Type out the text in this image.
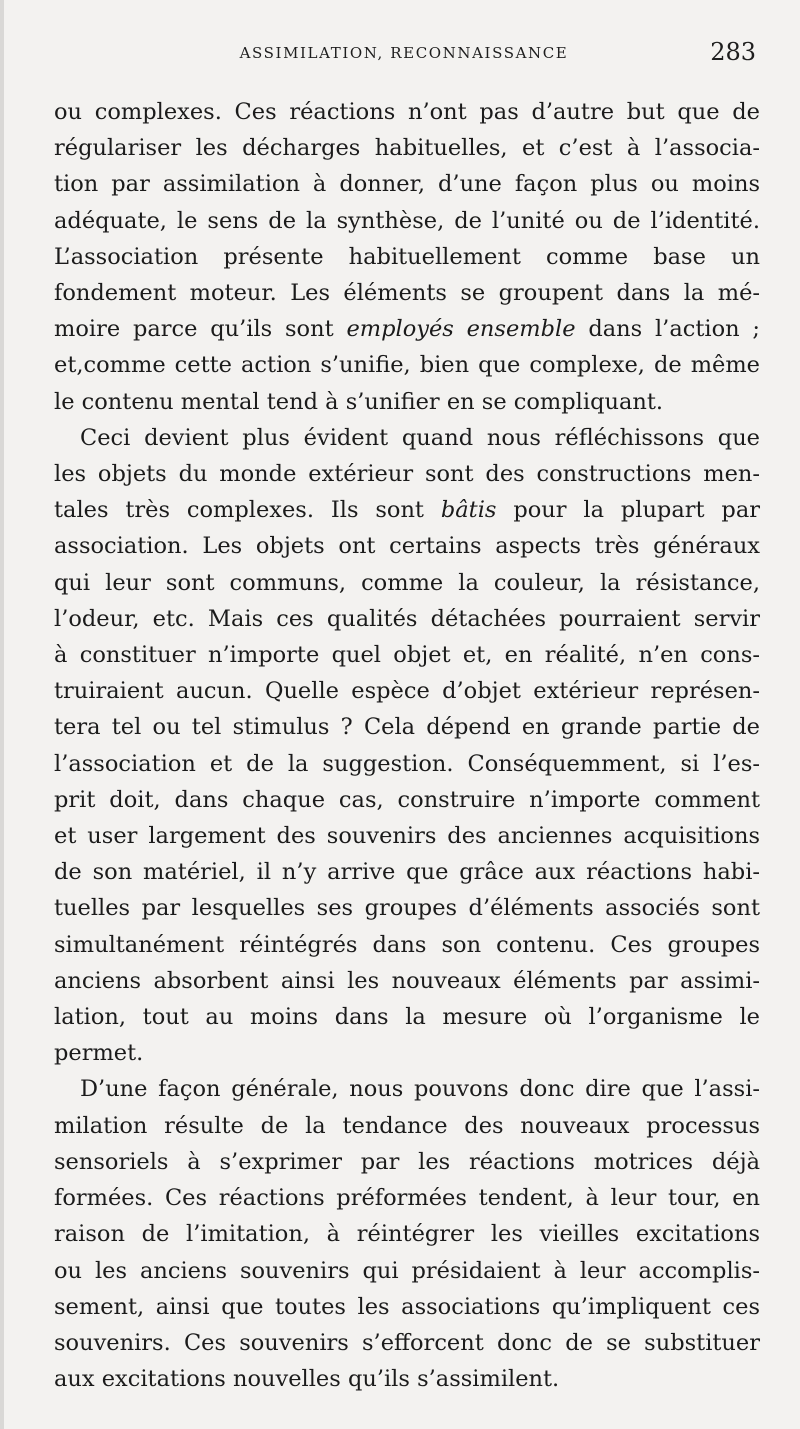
ASSIMILATION, RECONNAISSANCE	283

ou complexes. Ces réactions n’ont pas d’autre but que de
régulariser les décharges habituelles, et c’est à l’associa-
tion par assimilation à donner, d’une façon plus ou moins
adéquate, le sens de la synthèse, de l’unité ou de l’identité.
L’association présente habituellement comme base un
fondement moteur. Les éléments se groupent dans la mé-
moire parce qu’ils sont employés ensemble dans l’action ;
et,comme cette action s’unifie, bien que complexe, de même
le contenu mental tend à s’unifier en se compliquant.

Ceci devient plus évident quand nous réfléchissons que
les objets du monde extérieur sont des constructions men-
tales très complexes. Ils sont bâtis pour la plupart par
association. Les objets ont certains aspects très généraux
qui leur sont communs, comme la couleur, la résistance,
l’odeur, etc. Mais ces qualités détachées pourraient servir
à constituer n’importe quel objet et, en réalité, n’en cons-
truiraient aucun. Quelle espèce d’objet extérieur représen-
tera tel ou tel stimulus ? Cela dépend en grande partie de
l’association et de la suggestion. Conséquemment, si l’es-
prit doit, dans chaque cas, construire n’importe comment
et user largement des souvenirs des anciennes acquisitions
de son matériel, il n’y arrive que grâce aux réactions habi-
tuelles par lesquelles ses groupes d’éléments associés sont
simultanément réintégrés dans son contenu. Ces groupes
anciens absorbent ainsi les nouveaux éléments par assimi-
lation, tout au moins dans la mesure où l’organisme le
permet.

D’une façon générale, nous pouvons donc dire que l’assi-
milation résulte de la tendance des nouveaux processus
sensoriels à s’exprimer par les réactions motrices déjà
formées. Ces réactions préformées tendent, à leur tour, en
raison de l’imitation, à réintégrer les vieilles excitations
ou les anciens souvenirs qui présidaient à leur accomplis-
sement, ainsi que toutes les associations qu’impliquent ces
souvenirs. Ces souvenirs s’efforcent donc de se substituer
aux excitations nouvelles qu’ils s’assimilent.
